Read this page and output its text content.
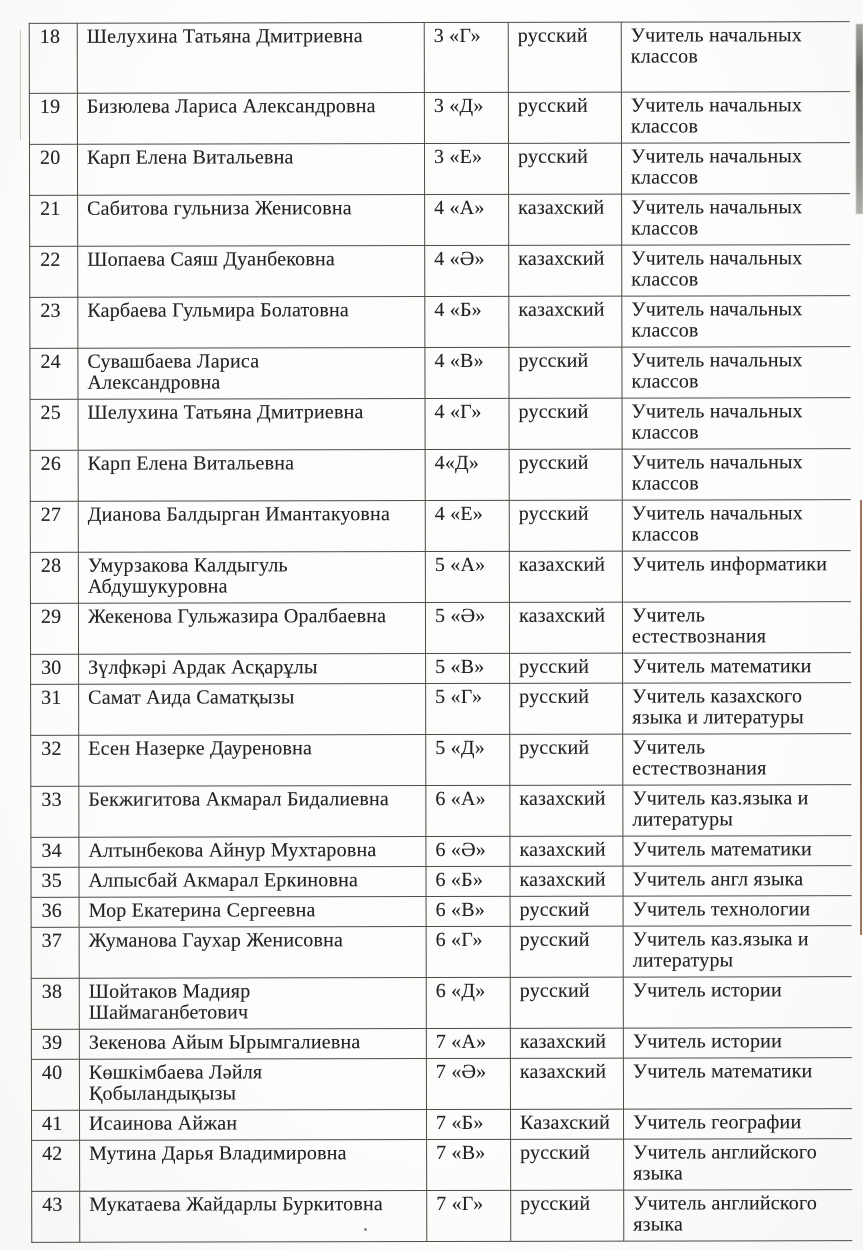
18	Шелухина Татьяна Дмитриевна	3 «Г»	русский	Учитель начальных
классов
19	Бизюлева Лариса Александровна	3 «Д»	русский	Учитель начальных
классов
20	Карп Елена Витальевна	3 «Е»	русский	Учитель начальных
классов
21	Сабитова гульниза Женисовна	4 «А»	казахский	Учитель начальных
классов
22	Шопаева Саяш Дуанбековна	4 «Ә»	казахский	Учитель начальных
классов
23	Карбаева Гульмира Болатовна	4 «Б»	казахский	Учитель начальных
классов
24	Сувашбаева Лариса
Александровна	4 «В»	русский	Учитель начальных
классов
25	Шелухина Татьяна Дмитриевна	4 «Г»	русский	Учитель начальных
классов
26	Карп Елена Витальевна	4«Д»	русский	Учитель начальных
классов
27	Дианова Балдырган Имантакуовна	4 «Е»	русский	Учитель начальных
классов
28	Умурзакова Калдыгуль
Абдушукуровна	5 «А»	казахский	Учитель информатики
29	Жекенова Гульжазира Оралбаевна	5 «Ә»	казахский	Учитель
естествознания
30	Зүлфкәрі Ардак Асқарұлы	5 «В»	русский	Учитель математики
31	Самат Аида Саматқызы	5 «Г»	русский	Учитель казахского
языка и литературы
32	Есен Назерке Дауреновна	5 «Д»	русский	Учитель
естествознания
33	Бекжигитова Акмарал Бидалиевна	6 «А»	казахский	Учитель каз.языка и
литературы
34	Алтынбекова Айнур Мухтаровна	6 «Ә»	казахский	Учитель математики
35	Алпысбай Акмарал Еркиновна	6 «Б»	казахский	Учитель англ языка
36	Мор Екатерина Сергеевна	6 «В»	русский	Учитель технологии
37	Жуманова Гаухар Женисовна	6 «Г»	русский	Учитель каз.языка и
литературы
38	Шойтаков Мадияр
Шаймаганбетович	6 «Д»	русский	Учитель истории
39	Зекенова Айым Ырымгалиевна	7 «А»	казахский	Учитель истории
40	Көшкімбаева Ләйля
Қобыландықызы	7 «Ә»	казахский	Учитель математики
41	Исаинова Айжан	7 «Б»	Казахский	Учитель географии
42	Мутина Дарья Владимировна	7 «В»	русский	Учитель английского
языка
43	Мукатаева Жайдарлы Буркитовна	7 «Г»	русский	Учитель английского
языка
